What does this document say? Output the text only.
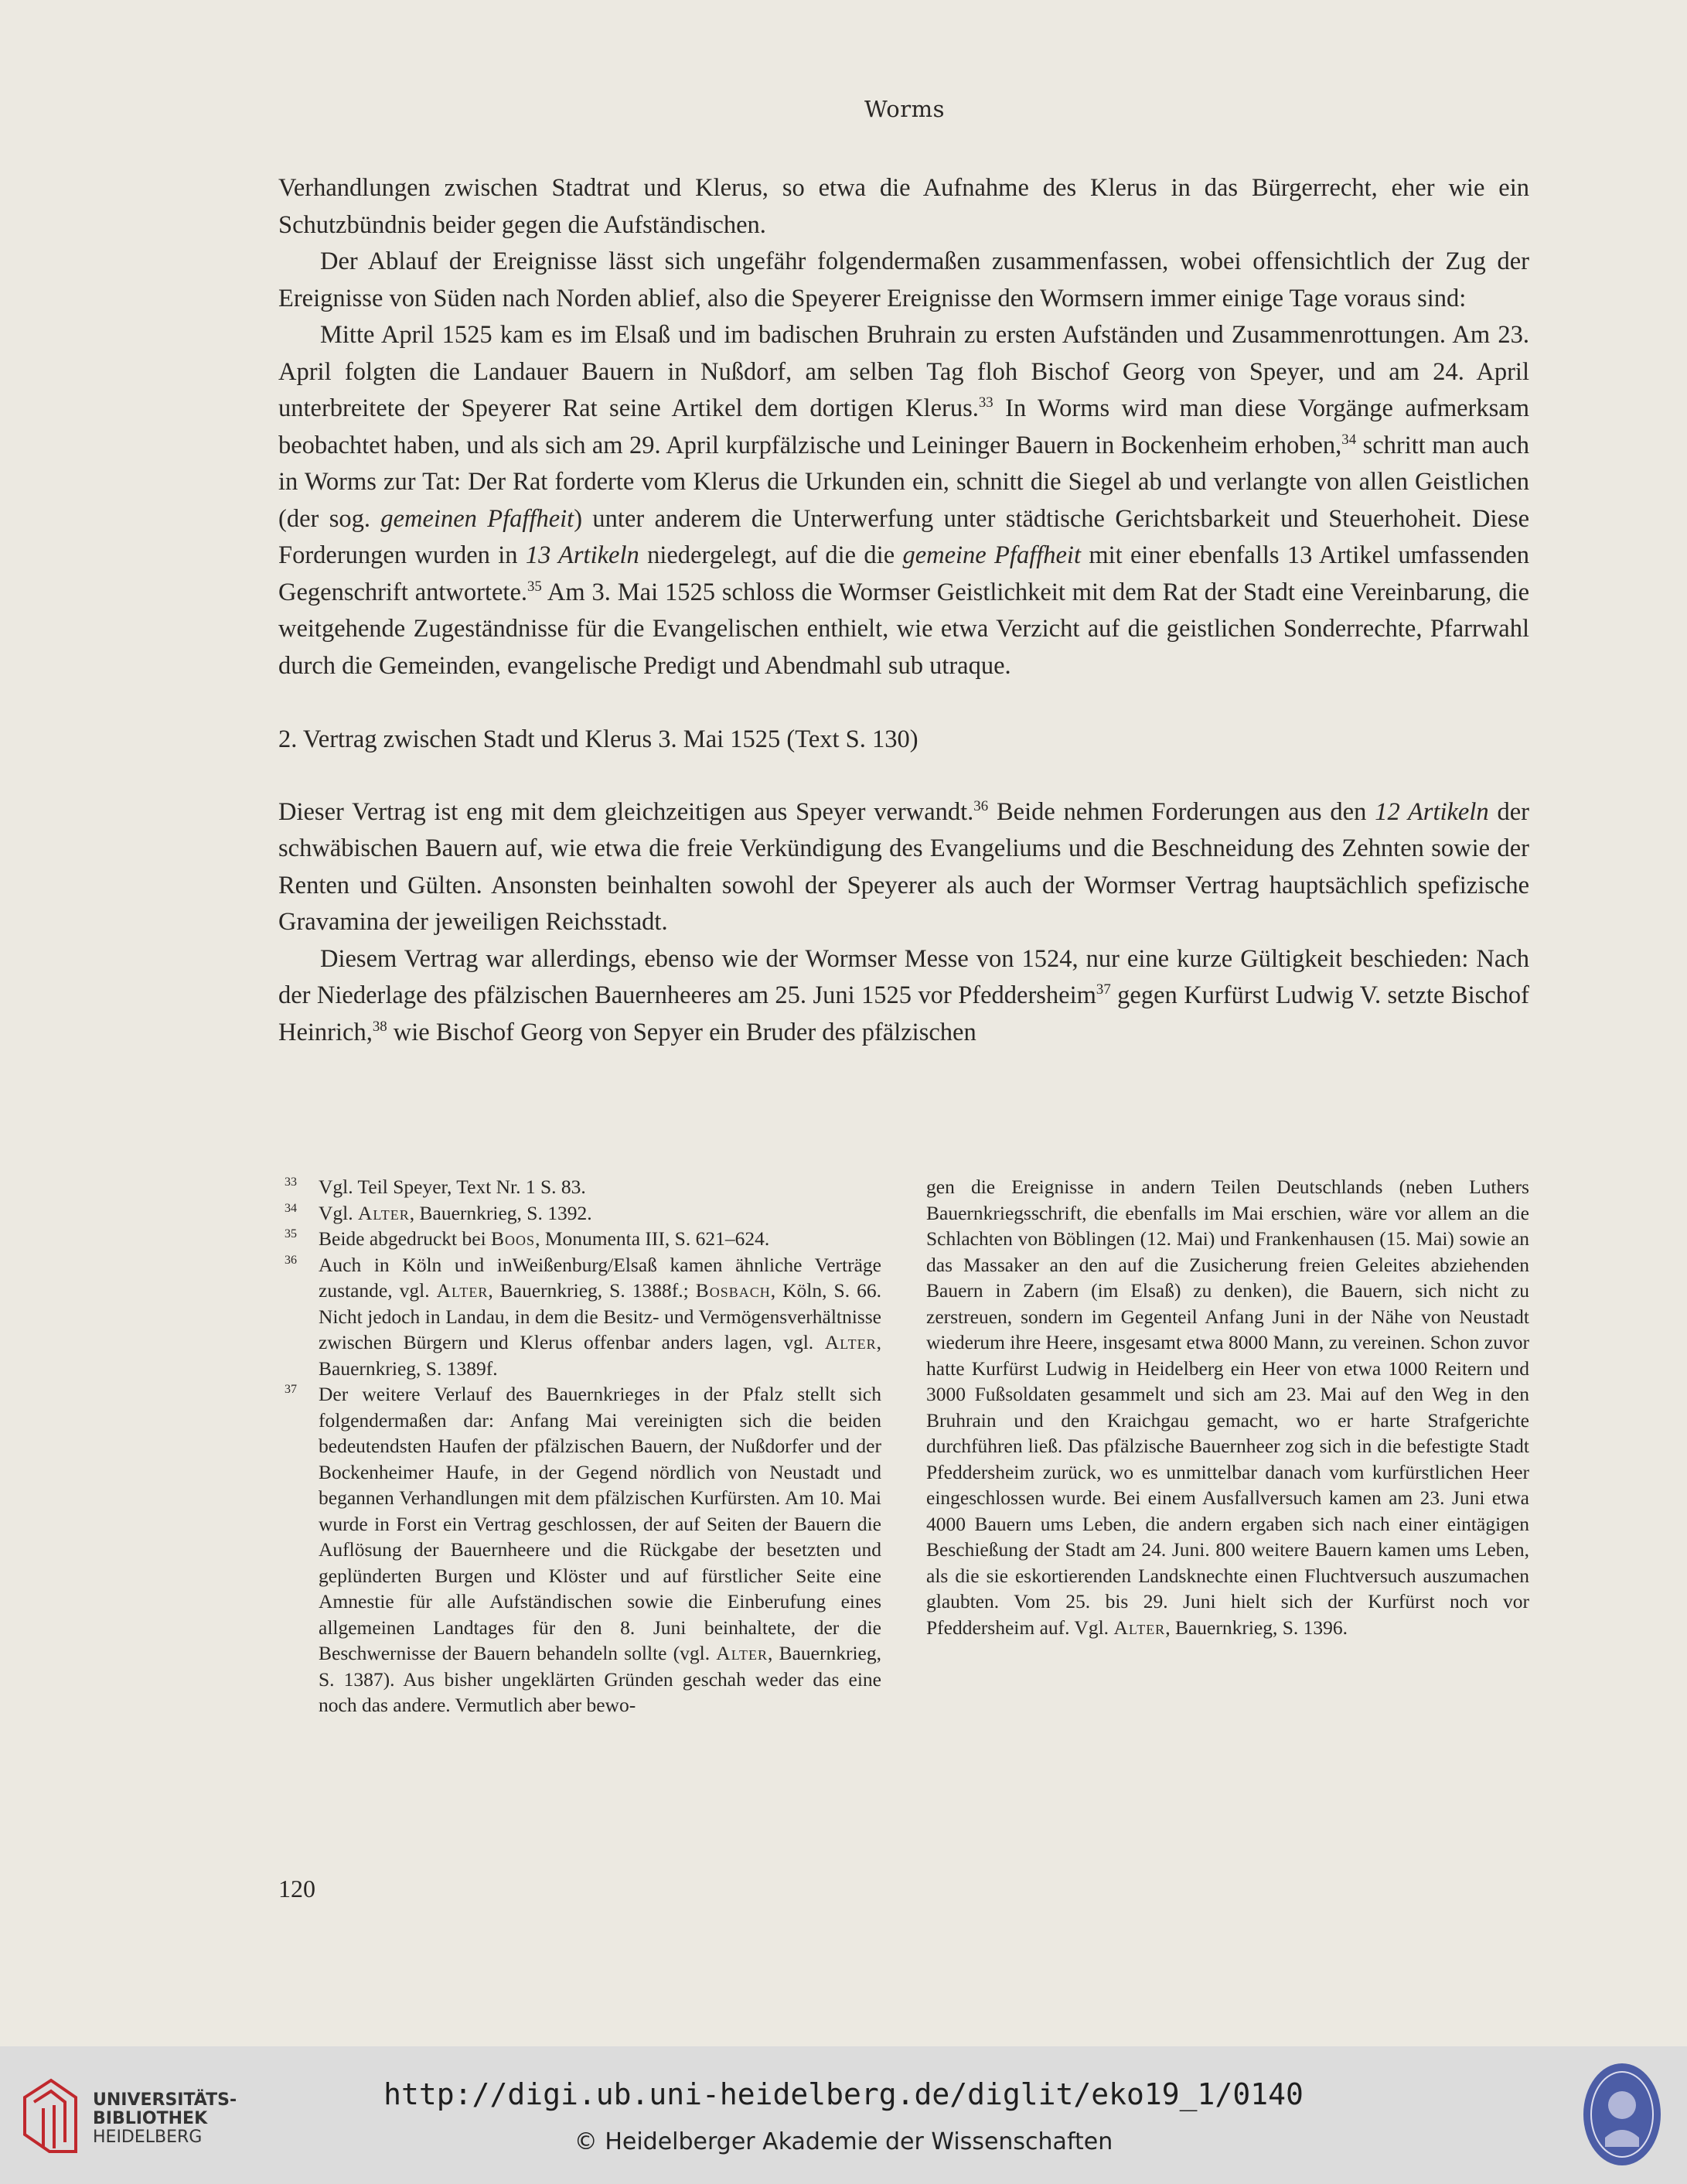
Worms

Verhandlungen zwischen Stadtrat und Klerus, so etwa die Aufnahme des Klerus in das Bürgerrecht, eher wie ein Schutzbündnis beider gegen die Aufständischen.

Der Ablauf der Ereignisse lässt sich ungefähr folgendermaßen zusammenfassen, wobei offensichtlich der Zug der Ereignisse von Süden nach Norden ablief, also die Speyerer Ereignisse den Wormsern immer einige Tage voraus sind:

Mitte April 1525 kam es im Elsaß und im badischen Bruhrain zu ersten Aufständen und Zusammenrottungen. Am 23. April folgten die Landauer Bauern in Nußdorf, am selben Tag floh Bischof Georg von Speyer, und am 24. April unterbreitete der Speyerer Rat seine Artikel dem dortigen Klerus.$^{33}$ In Worms wird man diese Vorgänge aufmerksam beobachtet haben, und als sich am 29. April kurpfälzische und Leininger Bauern in Bockenheim erhoben,$^{34}$ schritt man auch in Worms zur Tat: Der Rat forderte vom Klerus die Urkunden ein, schnitt die Siegel ab und verlangte von allen Geistlichen (der sog. gemeinen Pfaffheit) unter anderem die Unterwerfung unter städtische Gerichtsbarkeit und Steuerhoheit. Diese Forderungen wurden in 13 Artikeln niedergelegt, auf die die gemeine Pfaffheit mit einer ebenfalls 13 Artikel umfassenden Gegenschrift antwortete.$^{35}$ Am 3. Mai 1525 schloss die Wormser Geistlichkeit mit dem Rat der Stadt eine Vereinbarung, die weitgehende Zugeständnisse für die Evangelischen enthielt, wie etwa Verzicht auf die geistlichen Sonderrechte, Pfarrwahl durch die Gemeinden, evangelische Predigt und Abendmahl sub utraque.

2. Vertrag zwischen Stadt und Klerus 3. Mai 1525 (Text S. 130)

Dieser Vertrag ist eng mit dem gleichzeitigen aus Speyer verwandt.$^{36}$ Beide nehmen Forderungen aus den 12 Artikeln der schwäbischen Bauern auf, wie etwa die freie Verkündigung des Evangeliums und die Beschneidung des Zehnten sowie der Renten und Gülten. Ansonsten beinhalten sowohl der Speyerer als auch der Wormser Vertrag hauptsächlich spefizische Gravamina der jeweiligen Reichsstadt.

Diesem Vertrag war allerdings, ebenso wie der Wormser Messe von 1524, nur eine kurze Gültigkeit beschieden: Nach der Niederlage des pfälzischen Bauernheeres am 25. Juni 1525 vor Pfeddersheim$^{37}$ gegen Kurfürst Ludwig V. setzte Bischof Heinrich,$^{38}$ wie Bischof Georg von Sepyer ein Bruder des pfälzischen

33 Vgl. Teil Speyer, Text Nr. 1 S. 83.
34 Vgl. Alter, Bauernkrieg, S. 1392.
35 Beide abgedruckt bei Boos, Monumenta III, S. 621–624.
36 Auch in Köln und inWeißenburg/Elsaß kamen ähnliche Verträge zustande, vgl. Alter, Bauernkrieg, S. 1388f.; Bosbach, Köln, S. 66. Nicht jedoch in Landau, in dem die Besitz- und Vermögensverhältnisse zwischen Bürgern und Klerus offenbar anders lagen, vgl. Alter, Bauernkrieg, S. 1389f.
37 Der weitere Verlauf des Bauernkrieges in der Pfalz stellt sich folgendermaßen dar: Anfang Mai vereinigten sich die beiden bedeutendsten Haufen der pfälzischen Bauern, der Nußdorfer und der Bockenheimer Haufe, in der Gegend nördlich von Neustadt und begannen Verhandlungen mit dem pfälzischen Kurfürsten. Am 10. Mai wurde in Forst ein Vertrag geschlossen, der auf Seiten der Bauern die Auflösung der Bauernheere und die Rückgabe der besetzten und geplünderten Burgen und Klöster und auf fürstlicher Seite eine Amnestie für alle Aufständischen sowie die Einberufung eines allgemeinen Landtages für den 8. Juni beinhaltete, der die Beschwernisse der Bauern behandeln sollte (vgl. Alter, Bauernkrieg, S. 1387). Aus bisher ungeklärten Gründen geschah weder das eine noch das andere. Vermutlich aber bewo-
gen die Ereignisse in andern Teilen Deutschlands (neben Luthers Bauernkriegsschrift, die ebenfalls im Mai erschien, wäre vor allem an die Schlachten von Böblingen (12. Mai) und Frankenhausen (15. Mai) sowie an das Massaker an den auf die Zusicherung freien Geleites abziehenden Bauern in Zabern (im Elsaß) zu denken), die Bauern, sich nicht zu zerstreuen, sondern im Gegenteil Anfang Juni in der Nähe von Neustadt wiederum ihre Heere, insgesamt etwa 8000 Mann, zu vereinen. Schon zuvor hatte Kurfürst Ludwig in Heidelberg ein Heer von etwa 1000 Reitern und 3000 Fußsoldaten gesammelt und sich am 23. Mai auf den Weg in den Bruhrain und den Kraichgau gemacht, wo er harte Strafgerichte durchführen ließ. Das pfälzische Bauernheer zog sich in die befestigte Stadt Pfeddersheim zurück, wo es unmittelbar danach vom kurfürstlichen Heer eingeschlossen wurde. Bei einem Ausfallversuch kamen am 23. Juni etwa 4000 Bauern ums Leben, die andern ergaben sich nach einer eintägigen Beschießung der Stadt am 24. Juni. 800 weitere Bauern kamen ums Leben, als die sie eskortierenden Landsknechte einen Fluchtversuch auszumachen glaubten. Vom 25. bis 29. Juni hielt sich der Kurfürst noch vor Pfeddersheim auf. Vgl. Alter, Bauernkrieg, S. 1396.
120
UNIVERSITÄTS-
BIBLIOTHEK
HEIDELBERG
http://digi.ub.uni-heidelberg.de/diglit/eko19_1/0140
© Heidelberger Akademie der Wissenschaften
